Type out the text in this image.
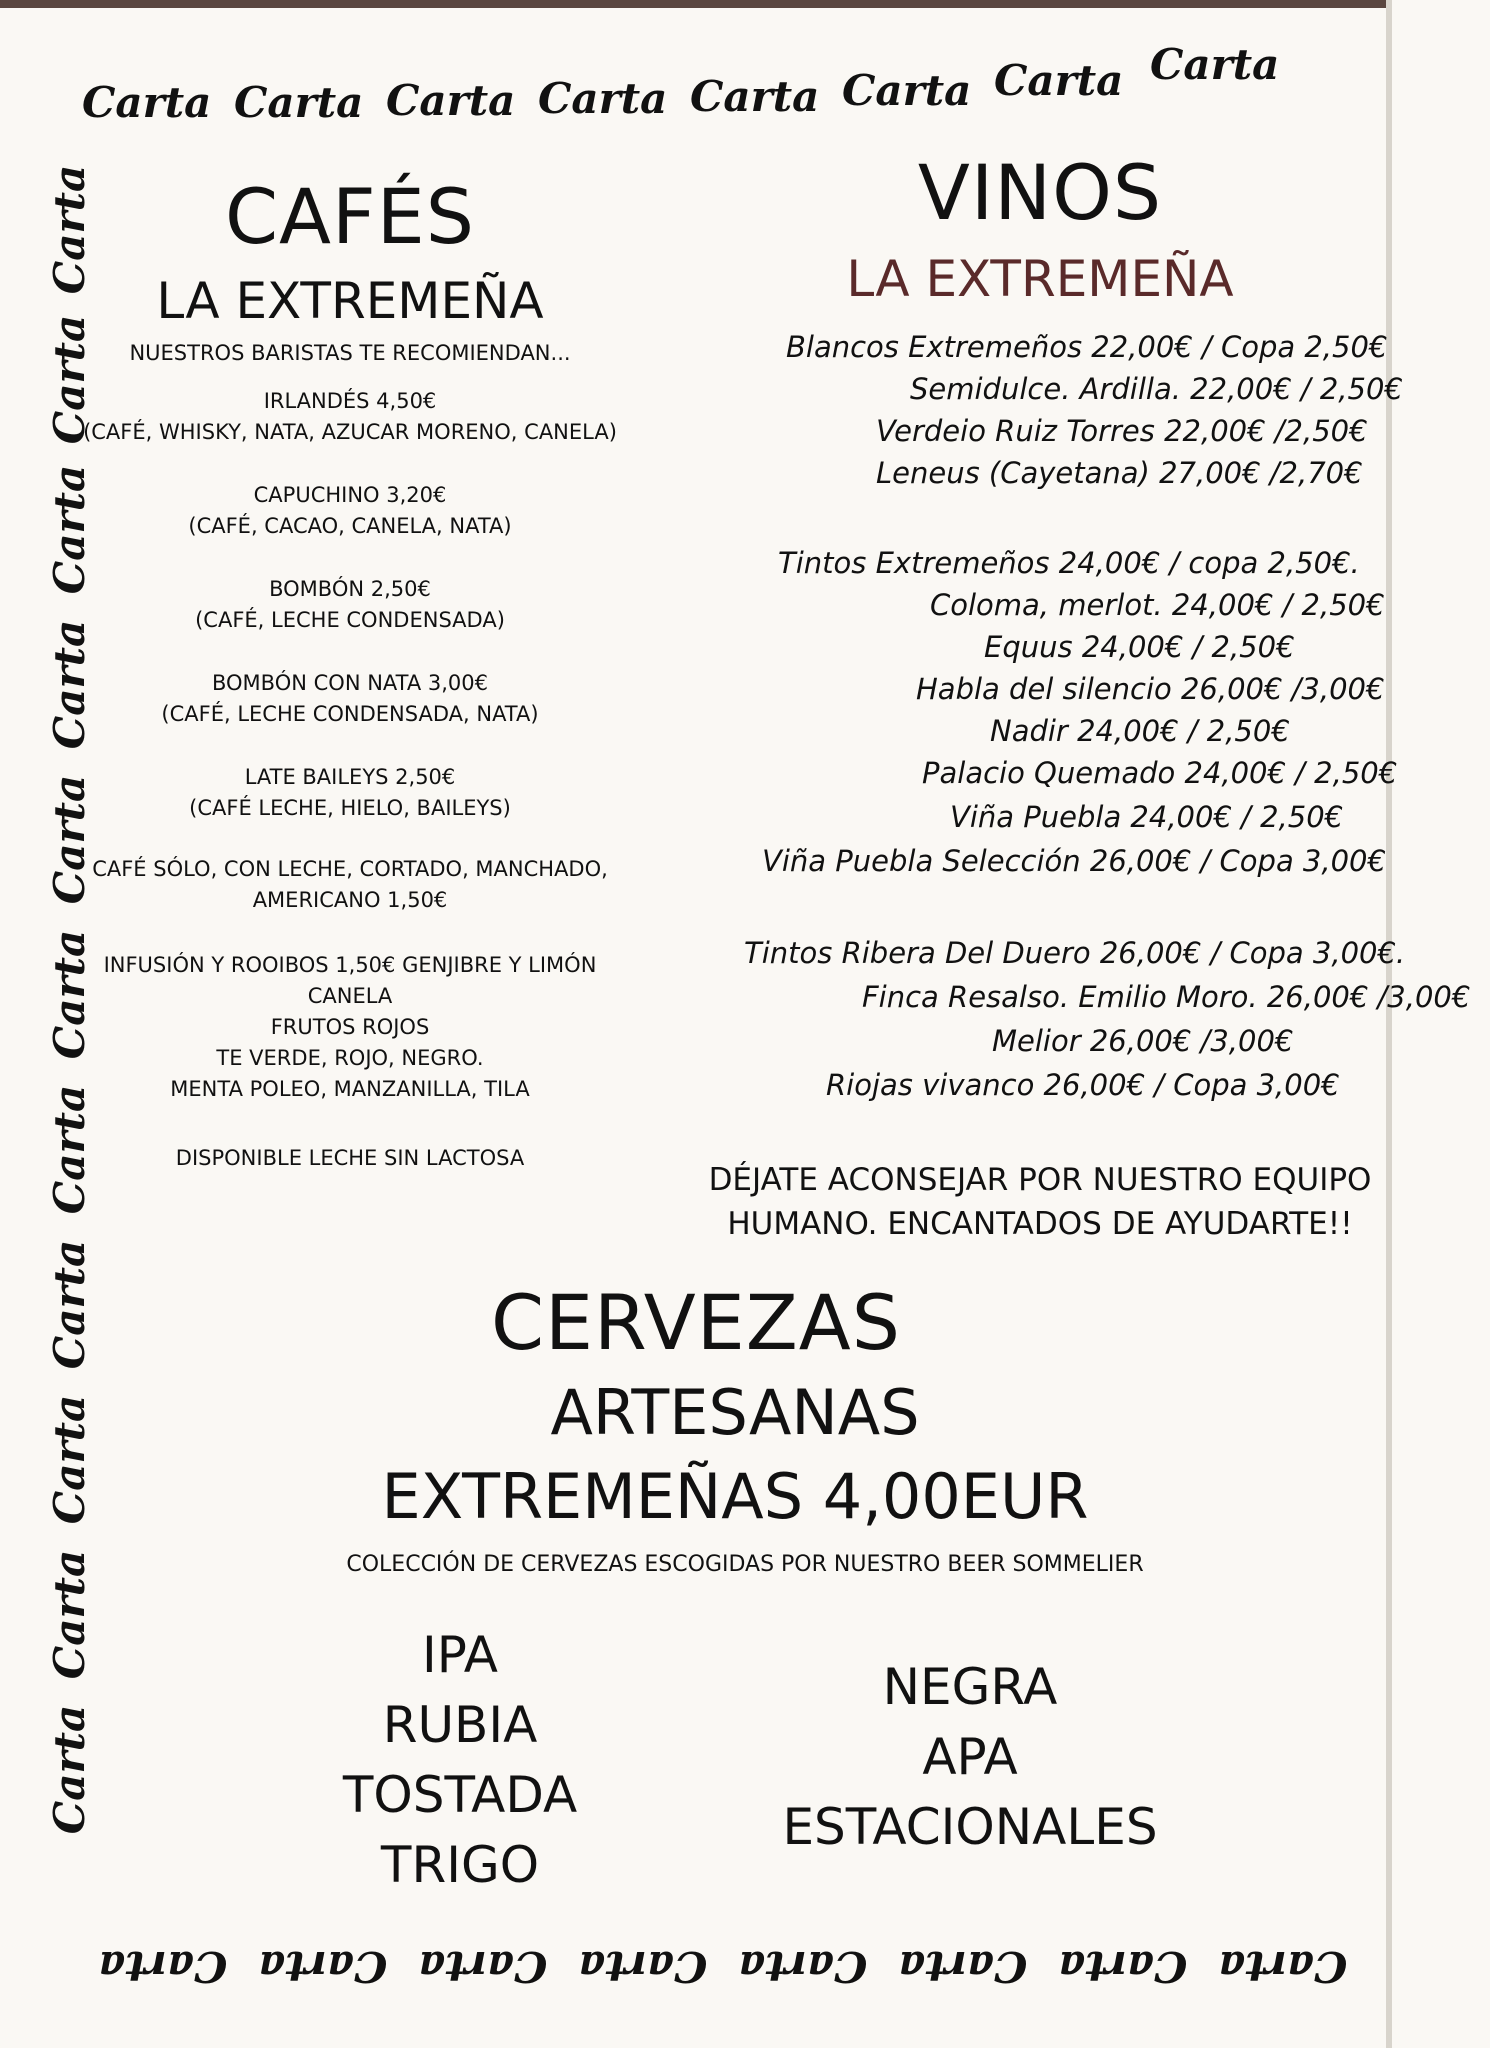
Carta Carta Carta Carta Carta Carta Carta Carta
Carta
Carta
Carta
Carta
Carta
Carta
Carta
Carta
Carta
Carta
Carta
Carta Carta Carta Carta Carta Carta Carta Carta
CAFÉS
LA EXTREMEÑA
NUESTROS BARISTAS TE RECOMIENDAN...
IRLANDÉS 4,50€
(CAFÉ, WHISKY, NATA, AZUCAR MORENO, CANELA)
CAPUCHINO 3,20€
(CAFÉ, CACAO, CANELA, NATA)
BOMBÓN 2,50€
(CAFÉ, LECHE CONDENSADA)
BOMBÓN CON NATA 3,00€
(CAFÉ, LECHE CONDENSADA, NATA)
LATE BAILEYS 2,50€
(CAFÉ LECHE, HIELO, BAILEYS)
CAFÉ SÓLO, CON LECHE, CORTADO, MANCHADO,
AMERICANO 1,50€
INFUSIÓN Y ROOIBOS 1,50€ GENJIBRE Y LIMÓN
CANELA
FRUTOS ROJOS
TE VERDE, ROJO, NEGRO.
MENTA POLEO, MANZANILLA, TILA
DISPONIBLE LECHE SIN LACTOSA
VINOS
LA EXTREMEÑA
Blancos Extremeños 22,00€ / Copa 2,50€
Semidulce. Ardilla. 22,00€ / 2,50€
Verdeio Ruiz Torres 22,00€ /2,50€
Leneus (Cayetana) 27,00€ /2,70€
Tintos Extremeños 24,00€ / copa 2,50€.
Coloma, merlot. 24,00€ / 2,50€
Equus 24,00€ / 2,50€
Habla del silencio 26,00€ /3,00€
Nadir 24,00€ / 2,50€
Palacio Quemado 24,00€ / 2,50€
Viña Puebla 24,00€ / 2,50€
Viña Puebla Selección 26,00€ / Copa 3,00€
Tintos Ribera Del Duero 26,00€ / Copa 3,00€.
Finca Resalso. Emilio Moro. 26,00€ /3,00€
Melior 26,00€ /3,00€
Riojas vivanco 26,00€ / Copa 3,00€
DÉJATE ACONSEJAR POR NUESTRO EQUIPO
HUMANO. ENCANTADOS DE AYUDARTE!!
CERVEZAS
ARTESANAS
EXTREMEÑAS 4,00EUR
COLECCIÓN DE CERVEZAS ESCOGIDAS POR NUESTRO BEER SOMMELIER
IPA
RUBIA
TOSTADA
TRIGO
NEGRA
APA
ESTACIONALES
